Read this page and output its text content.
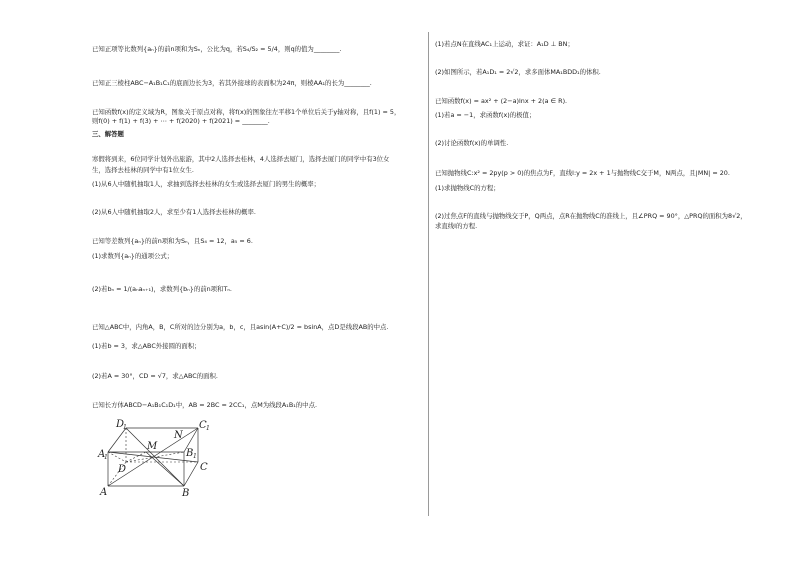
已知正项等比数列{aₙ}的前n项和为Sₙ，公比为q，若S₄/S₂ = 5/4，则q的值为________.
已知正三棱柱ABC−A₁B₁C₁的底面边长为3，若其外接球的表面积为24π，则棱AA₁的长为________.
已知函数f(x)的定义域为R，图象关于原点对称，将f(x)的图象往左平移1个单位后关于y轴对称，且f(1) = 5，
则f(0) + f(1) + f(3) + ⋯ + f(2020) + f(2021) = ________.
三、解答题
寒假将到来，6位同学计划外出旅游，其中2人选择去桂林，4人选择去厦门，选择去厦门的同学中有3位女
生，选择去桂林的同学中有1位女生.
(1)从6人中随机抽取1人，求抽到选择去桂林的女生或选择去厦门的男生的概率；
(2)从6人中随机抽取2人，求至少有1人选择去桂林的概率.
已知等差数列{aₙ}的前n项和为Sₙ，且S₄ = 12，a₅ = 6.
(1)求数列{aₙ}的通项公式；
(2)若bₙ = 1/(aₙaₙ₊₁)，求数列{bₙ}的前n项和Tₙ.
已知△ABC中，内角A，B，C所对的边分别为a，b，c，且asin(A+C)/2 = bsinA，点D是线段AB的中点.
(1)若b = 3，求△ABC外接圆的面积；
(2)若A = 30°，CD = √7，求△ABC的面积.
已知长方体ABCD−A₁B₁C₁D₁中，AB = 2BC = 2CC₁，点M为线段A₁B₁的中点.
D
1	C 1
M
N
A
1	B 1
C
D
A	B
(1)若点N在直线AC₁上运动，求证：A₁D ⊥ BN；
(2)如图所示，若A₁D₁ = 2√2，求多面体MA₁BDD₁的体积.
已知函数f(x) = ax² + (2−a)lnx + 2(a ∈ R).
(1)若a = −1，求函数f(x)的极值；
(2)讨论函数f(x)的单调性.
已知抛物线C:x² = 2py(p > 0)的焦点为F，直线l:y = 2x + 1与抛物线C交于M，N两点，且|MN| = 20.
(1)求抛物线C的方程；
(2)过焦点F的直线与抛物线交于P，Q两点，点R在抛物线C的准线上，且∠PRQ = 90°，△PRQ的面积为8√2，
求直线l的方程.
